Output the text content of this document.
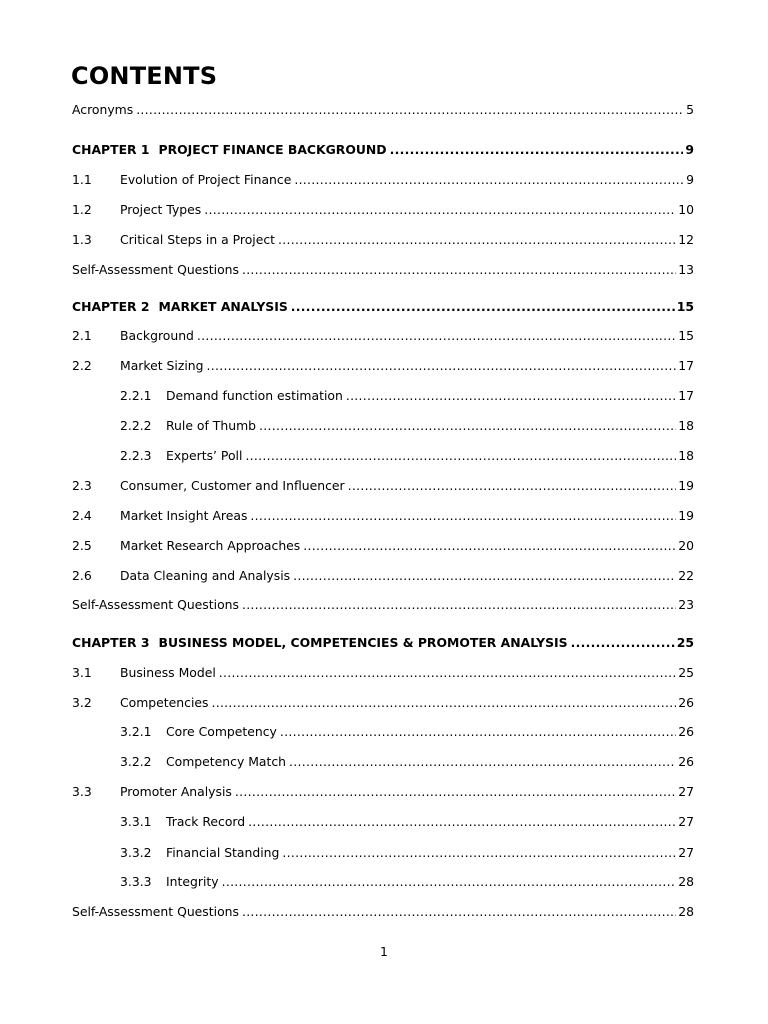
CONTENTS
Acronyms .....	5
CHAPTER 1 PROJECT FINANCE BACKGROUND .....	9
1.1	Evolution of Project Finance .....	9
1.2	Project Types .....	10
1.3	Critical Steps in a Project .....	12
Self-Assessment Questions .....	13
CHAPTER 2 MARKET ANALYSIS .....	15
2.1	Background .....	15
2.2	Market Sizing .....	17
2.2.1	Demand function estimation .....	17
2.2.2	Rule of Thumb .....	18
2.2.3	Experts’ Poll .....	18
2.3	Consumer, Customer and Influencer .....	19
2.4	Market Insight Areas .....	19
2.5	Market Research Approaches .....	20
2.6	Data Cleaning and Analysis .....	22
Self-Assessment Questions .....	23
CHAPTER 3 BUSINESS MODEL, COMPETENCIES & PROMOTER ANALYSIS .....	25
3.1	Business Model .....	25
3.2	Competencies .....	26
3.2.1	Core Competency .....	26
3.2.2	Competency Match .....	26
3.3	Promoter Analysis .....	27
3.3.1	Track Record .....	27
3.3.2	Financial Standing .....	27
3.3.3	Integrity .....	28
Self-Assessment Questions .....	28
1
